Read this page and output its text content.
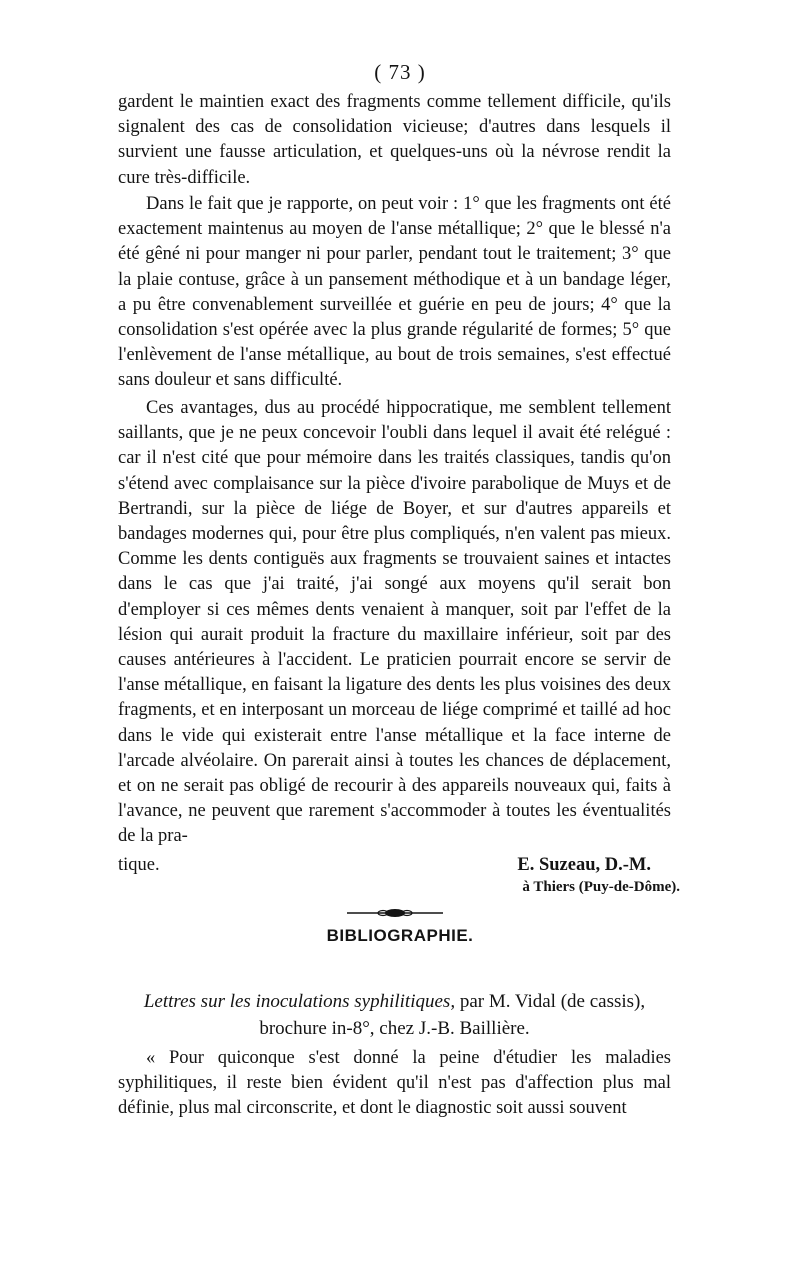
( 73 )

gardent le maintien exact des fragments comme tellement difficile, qu'ils signalent des cas de consolidation vicieuse; d'autres dans lesquels il survient une fausse articulation, et quelques-uns où la névrose rendit la cure très-difficile.

Dans le fait que je rapporte, on peut voir : 1° que les fragments ont été exactement maintenus au moyen de l'anse métallique; 2° que le blessé n'a été gêné ni pour manger ni pour parler, pendant tout le traitement; 3° que la plaie contuse, grâce à un pansement méthodique et à un bandage léger, a pu être convenablement surveillée et guérie en peu de jours; 4° que la consolidation s'est opérée avec la plus grande régularité de formes; 5° que l'enlèvement de l'anse métallique, au bout de trois semaines, s'est effectué sans douleur et sans difficulté.

Ces avantages, dus au procédé hippocratique, me semblent tellement saillants, que je ne peux concevoir l'oubli dans lequel il avait été relégué : car il n'est cité que pour mémoire dans les traités classiques, tandis qu'on s'étend avec complaisance sur la pièce d'ivoire parabolique de Muys et de Bertrandi, sur la pièce de liége de Boyer, et sur d'autres appareils et bandages modernes qui, pour être plus compliqués, n'en valent pas mieux. Comme les dents contiguës aux fragments se trouvaient saines et intactes dans le cas que j'ai traité, j'ai songé aux moyens qu'il serait bon d'employer si ces mêmes dents venaient à manquer, soit par l'effet de la lésion qui aurait produit la fracture du maxillaire inférieur, soit par des causes antérieures à l'accident. Le praticien pourrait encore se servir de l'anse métallique, en faisant la ligature des dents les plus voisines des deux fragments, et en interposant un morceau de liége comprimé et taillé ad hoc dans le vide qui existerait entre l'anse métallique et la face interne de l'arcade alvéolaire. On parerait ainsi à toutes les chances de déplacement, et on ne serait pas obligé de recourir à des appareils nouveaux qui, faits à l'avance, ne peuvent que rarement s'accommoder à toutes les éventualités de la pra-

tique.	E. Suzeau, D.-M.
à Thiers (Puy-de-Dôme).
BIBLIOGRAPHIE.
Lettres sur les inoculations syphilitiques, par M. Vidal (de cassis),
brochure in-8°, chez J.-B. Baillière.

« Pour quiconque s'est donné la peine d'étudier les maladies syphilitiques, il reste bien évident qu'il n'est pas d'affection plus mal définie, plus mal circonscrite, et dont le diagnostic soit aussi souvent
